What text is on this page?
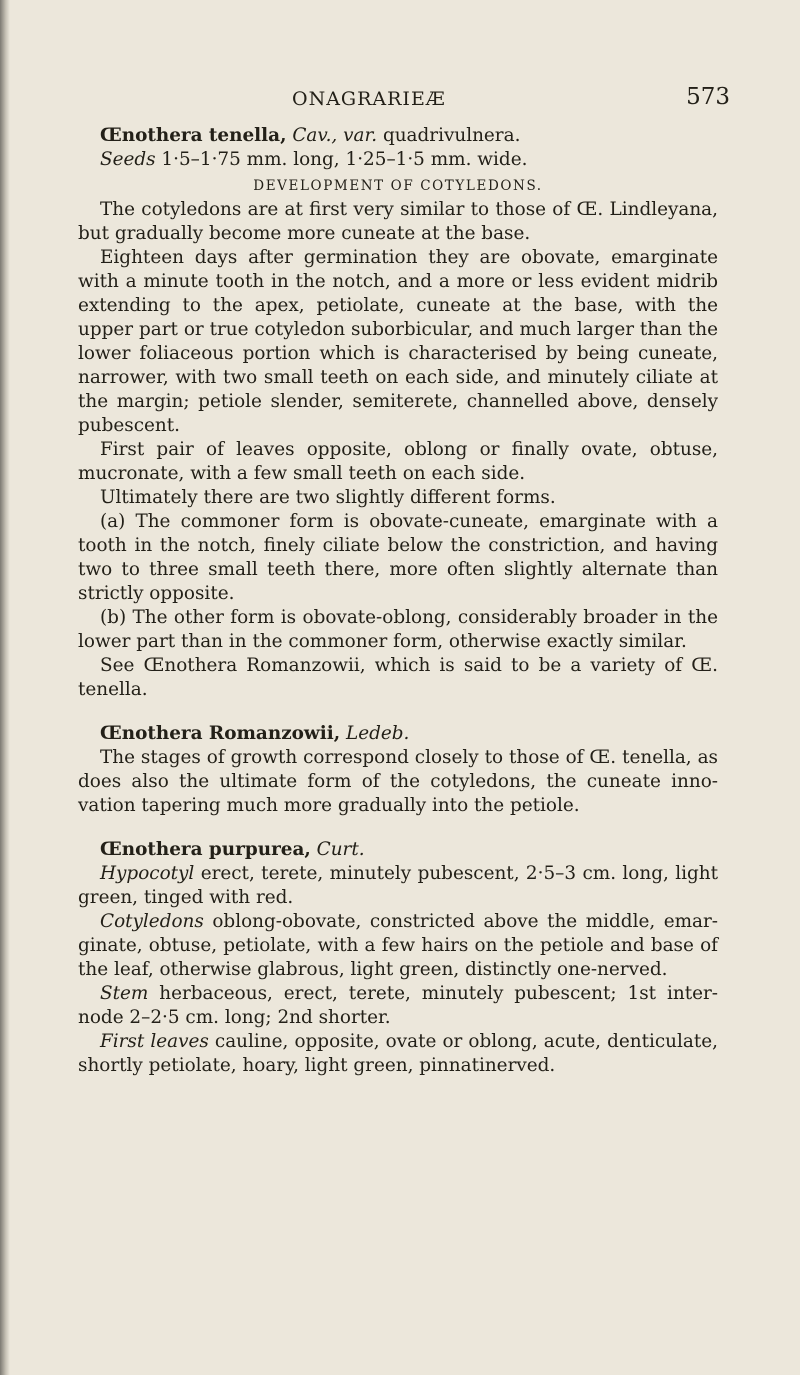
ONAGRARIEÆ	573

Œnothera tenella, Cav., var. quadrivulnera.

Seeds 1·5–1·75 mm. long, 1·25–1·5 mm. wide.

DEVELOPMENT OF COTYLEDONS.

The cotyledons are at first very similar to those of Œ. Lindleyana, but gradually become more cuneate at the base.

Eighteen days after germination they are obovate, emarginate with a minute tooth in the notch, and a more or less evident midrib extending to the apex, petiolate, cuneate at the base, with the upper part or true cotyledon suborbicular, and much larger than the lower foliaceous portion which is characterised by being cuneate, narrower, with two small teeth on each side, and minutely ciliate at the margin; petiole slender, semiterete, channelled above, densely pubescent.

First pair of leaves opposite, oblong or finally ovate, obtuse, mucronate, with a few small teeth on each side.

Ultimately there are two slightly different forms.

(a) The commoner form is obovate-cuneate, emarginate with a tooth in the notch, finely ciliate below the constriction, and having two to three small teeth there, more often slightly alternate than strictly opposite.

(b) The other form is obovate-oblong, considerably broader in the lower part than in the commoner form, otherwise exactly similar.

See Œnothera Romanzowii, which is said to be a variety of Œ. tenella.

Œnothera Romanzowii, Ledeb.

The stages of growth correspond closely to those of Œ. tenella, as does also the ultimate form of the cotyledons, the cuneate innovation tapering much more gradually into the petiole.

Œnothera purpurea, Curt.

Hypocotyl erect, terete, minutely pubescent, 2·5–3 cm. long, light green, tinged with red.

Cotyledons oblong-obovate, constricted above the middle, emarginate, obtuse, petiolate, with a few hairs on the petiole and base of the leaf, otherwise glabrous, light green, distinctly one-nerved.

Stem herbaceous, erect, terete, minutely pubescent; 1st internode 2–2·5 cm. long; 2nd shorter.

First leaves cauline, opposite, ovate or oblong, acute, denticulate, shortly petiolate, hoary, light green, pinnatinerved.
